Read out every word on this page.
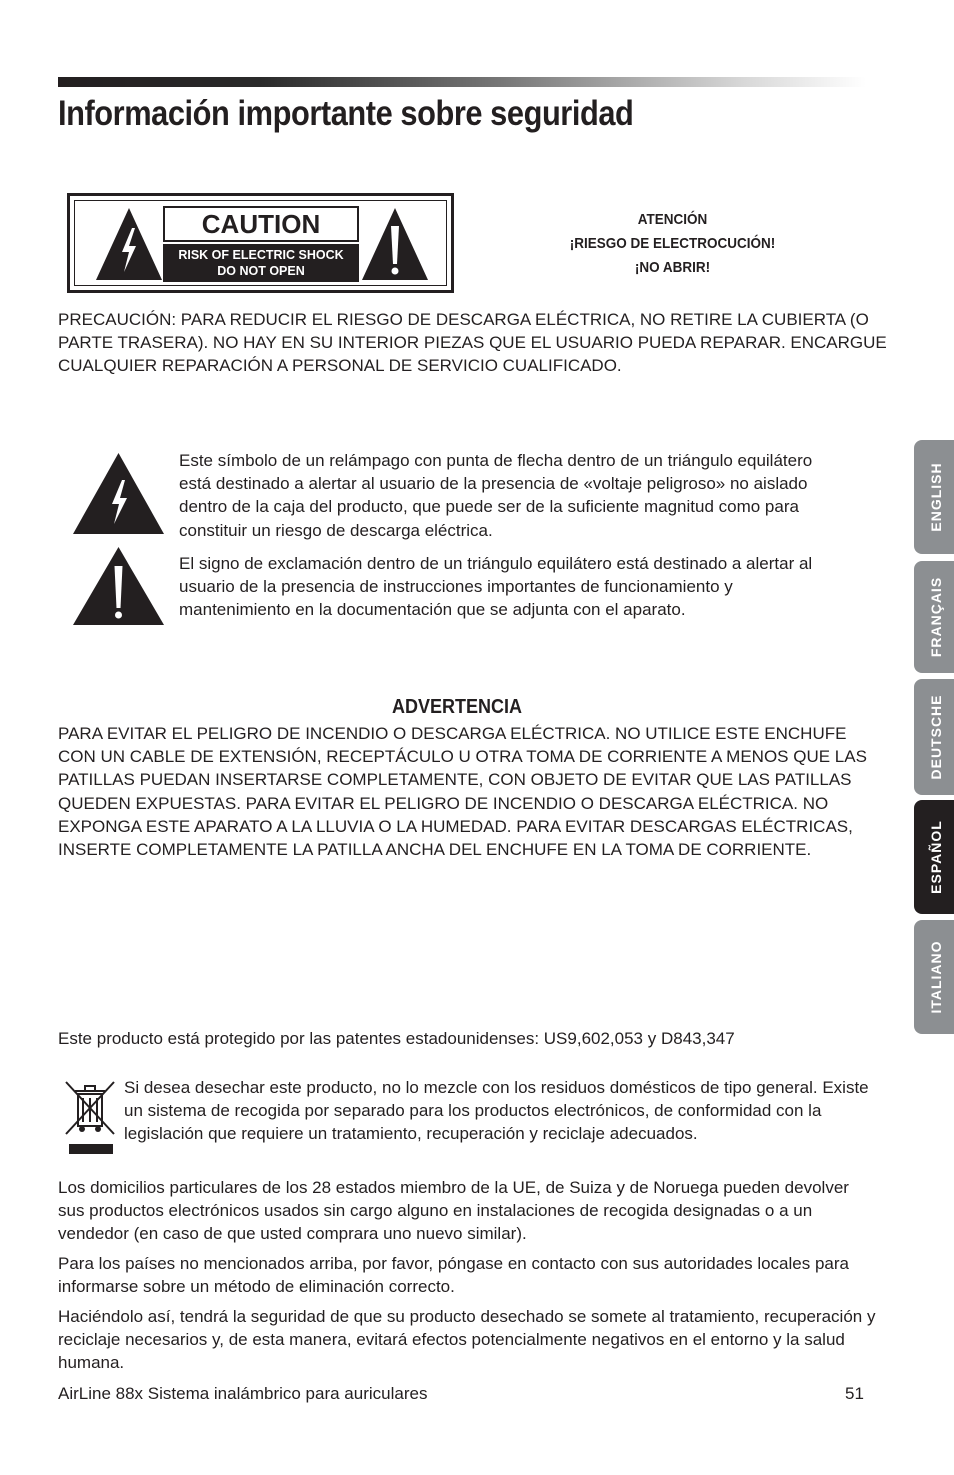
Información importante sobre seguridad
CAUTION
RISK OF ELECTRIC SHOCK
DO NOT OPEN
ATENCIÓN
¡RIESGO DE ELECTROCUCIÓN!
¡NO ABRIR!

PRECAUCIÓN: PARA REDUCIR EL RIESGO DE DESCARGA ELÉCTRICA, NO RETIRE LA CUBIERTA (O PARTE TRASERA). NO HAY EN SU INTERIOR PIEZAS QUE EL USUARIO PUEDA REPARAR. ENCARGUE CUALQUIER REPARACIÓN A PERSONAL DE SERVICIO CUALIFICADO.

Este símbolo de un relámpago con punta de flecha dentro de un triángulo equilátero está destinado a alertar al usuario de la presencia de «voltaje peligroso» no aislado dentro de la caja del producto, que puede ser de la suficiente magnitud como para constituir un riesgo de descarga eléctrica.

El signo de exclamación dentro de un triángulo equilátero está destinado a alertar al usuario de la presencia de instrucciones importantes de funcionamiento y mantenimiento en la documentación que se adjunta con el aparato.

ADVERTENCIA

PARA EVITAR EL PELIGRO DE INCENDIO O DESCARGA ELÉCTRICA. NO UTILICE ESTE ENCHUFE CON UN CABLE DE EXTENSIÓN, RECEPTÁCULO U OTRA TOMA DE CORRIENTE A MENOS QUE LAS PATILLAS PUEDAN INSERTARSE COMPLETAMENTE, CON OBJETO DE EVITAR QUE LAS PATILLAS QUEDEN EXPUESTAS. PARA EVITAR EL PELIGRO DE INCENDIO O DESCARGA ELÉCTRICA. NO EXPONGA ESTE APARATO A LA LLUVIA O LA HUMEDAD. PARA EVITAR DESCARGAS ELÉCTRICAS, INSERTE COMPLETAMENTE LA PATILLA ANCHA DEL ENCHUFE EN LA TOMA DE CORRIENTE.

Este producto está protegido por las patentes estadounidenses: US9,602,053 y D843,347

Si desea desechar este producto, no lo mezcle con los residuos domésticos de tipo general. Existe un sistema de recogida por separado para los productos electrónicos, de conformidad con la legislación que requiere un tratamiento, recuperación y reciclaje adecuados.

Los domicilios particulares de los 28 estados miembro de la UE, de Suiza y de Noruega pueden devolver sus productos electrónicos usados sin cargo alguno en instalaciones de recogida designadas o a un vendedor (en caso de que usted comprara uno nuevo similar).

Para los países no mencionados arriba, por favor, póngase en contacto con sus autoridades locales para informarse sobre un método de eliminación correcto.

Haciéndolo así, tendrá la seguridad de que su producto desechado se somete al tratamiento, recuperación y reciclaje necesarios y, de esta manera, evitará efectos potencialmente negativos en el entorno y la salud humana.

AirLine 88x Sistema inalámbrico para auriculares	51
ENGLISH
FRANÇAIS
DEUTSCHE
ESPAÑOL
ITALIANO
